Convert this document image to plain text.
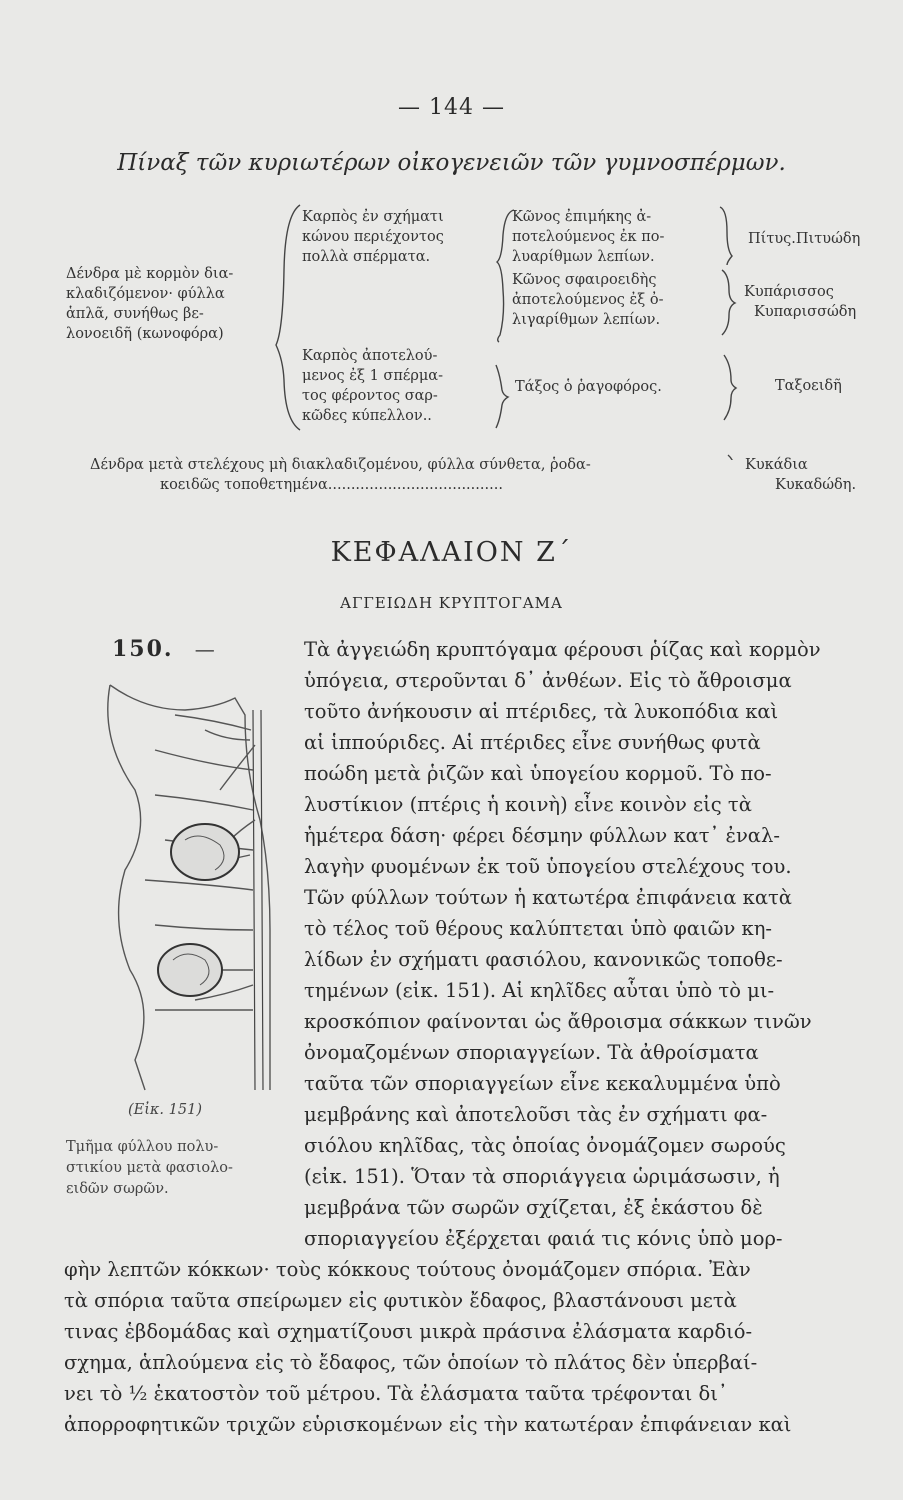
— 144 —
Πίναξ τῶν κυριωτέρων οἰκογενειῶν τῶν γυμνοσπέρμων.
Δένδρα μὲ κορμὸν δια-
κλαδιζόμενον· φύλλα
ἁπλᾶ, συνήθως βε-
λονοειδῆ (κωνοφόρα)
Καρπὸς ἐν σχήματι
κώνου περιέχοντος
πολλὰ σπέρματα.
Καρπὸς ἀποτελού-
μενος ἐξ 1 σπέρμα-
τος φέροντος σαρ-
κῶδες κύπελλον..
Κῶνος ἐπιμήκης ἀ-
ποτελούμενος ἐκ πο-
λυαρίθμων λεπίων.
Κῶνος σφαιροειδὴς
ἀποτελούμενος ἐξ ὀ-
λιγαρίθμων λεπίων.
Τάξος ὁ ῥαγοφόρος.
Πίτυς.Πιτυώδη
Κυπάρισσος
Κυπαρισσώδη
Ταξοειδῆ
Δένδρα μετὰ στελέχους μὴ διακλαδιζομένου, φύλλα σύνθετα, ῥοδα-
κοειδῶς τοποθετημένα......................................
Κυκάδια
Κυκαδώδη.
ΚΕΦΑΛΑΙΟΝ Ζ΄
ΑΓΓΕΙΩΔΗ ΚΡΥΠΤΟΓΑΜΑ
150. —	Τὰ ἀγγειώδη κρυπτόγαμα φέρουσι ῥίζας καὶ κορμὸν
ὑπόγεια, στεροῦνται δ᾽ ἀνθέων. Εἰς τὸ ἄθροισμα
τοῦτο ἀνήκουσιν αἱ πτέριδες, τὰ λυκοπόδια καὶ
αἱ ἱππούριδες. Αἱ πτέριδες εἶνε συνήθως φυτὰ
ποώδη μετὰ ῥιζῶν καὶ ὑπογείου κορμοῦ. Τὸ πο-
λυστίκιον (πτέρις ἡ κοινὴ) εἶνε κοινὸν εἰς τὰ
ἡμέτερα δάση· φέρει δέσμην φύλλων κατ᾽ ἐναλ-
λαγὴν φυομένων ἐκ τοῦ ὑπογείου στελέχους του.
Τῶν φύλλων τούτων ἡ κατωτέρα ἐπιφάνεια κατὰ
τὸ τέλος τοῦ θέρους καλύπτεται ὑπὸ φαιῶν κη-
λίδων ἐν σχήματι φασιόλου, κανονικῶς τοποθε-
τημένων (εἰκ. 151). Αἱ κηλῖδες αὗται ὑπὸ τὸ μι-
κροσκόπιον φαίνονται ὡς ἄθροισμα σάκκων τινῶν
ὀνομαζομένων σποριαγγείων. Τὰ ἀθροίσματα
ταῦτα τῶν σποριαγγείων εἶνε κεκαλυμμένα ὑπὸ
μεμβράνης καὶ ἀποτελοῦσι τὰς ἐν σχήματι φα-
σιόλου κηλῖδας, τὰς ὁποίας ὀνομάζομεν σωρούς
(εἰκ. 151). Ὅταν τὰ σποριάγγεια ὡριμάσωσιν, ἡ
μεμβράνα τῶν σωρῶν σχίζεται, ἐξ ἑκάστου δὲ
σποριαγγείου ἐξέρχεται φαιά τις κόνις ὑπὸ μορ-
φὴν λεπτῶν κόκκων· τοὺς κόκκους τούτους ὀνομάζομεν σπόρια. Ἐὰν
τὰ σπόρια ταῦτα σπείρωμεν εἰς φυτικὸν ἔδαφος, βλαστάνουσι μετὰ
τινας ἑβδομάδας καὶ σχηματίζουσι μικρὰ πράσινα ἐλάσματα καρδιό-
σχημα, ἁπλούμενα εἰς τὸ ἔδαφος, τῶν ὁποίων τὸ πλάτος δὲν ὑπερβαί-
νει τὸ ½ ἑκατοστὸν τοῦ μέτρου. Τὰ ἐλάσματα ταῦτα τρέφονται δι᾽
ἀπορροφητικῶν τριχῶν εὑρισκομένων εἰς τὴν κατωτέραν ἐπιφάνειαν καὶ
(Εἰκ. 151)
Τμῆμα φύλλου πολυ-
στικίου μετὰ φασιολο-
ειδῶν σωρῶν.
